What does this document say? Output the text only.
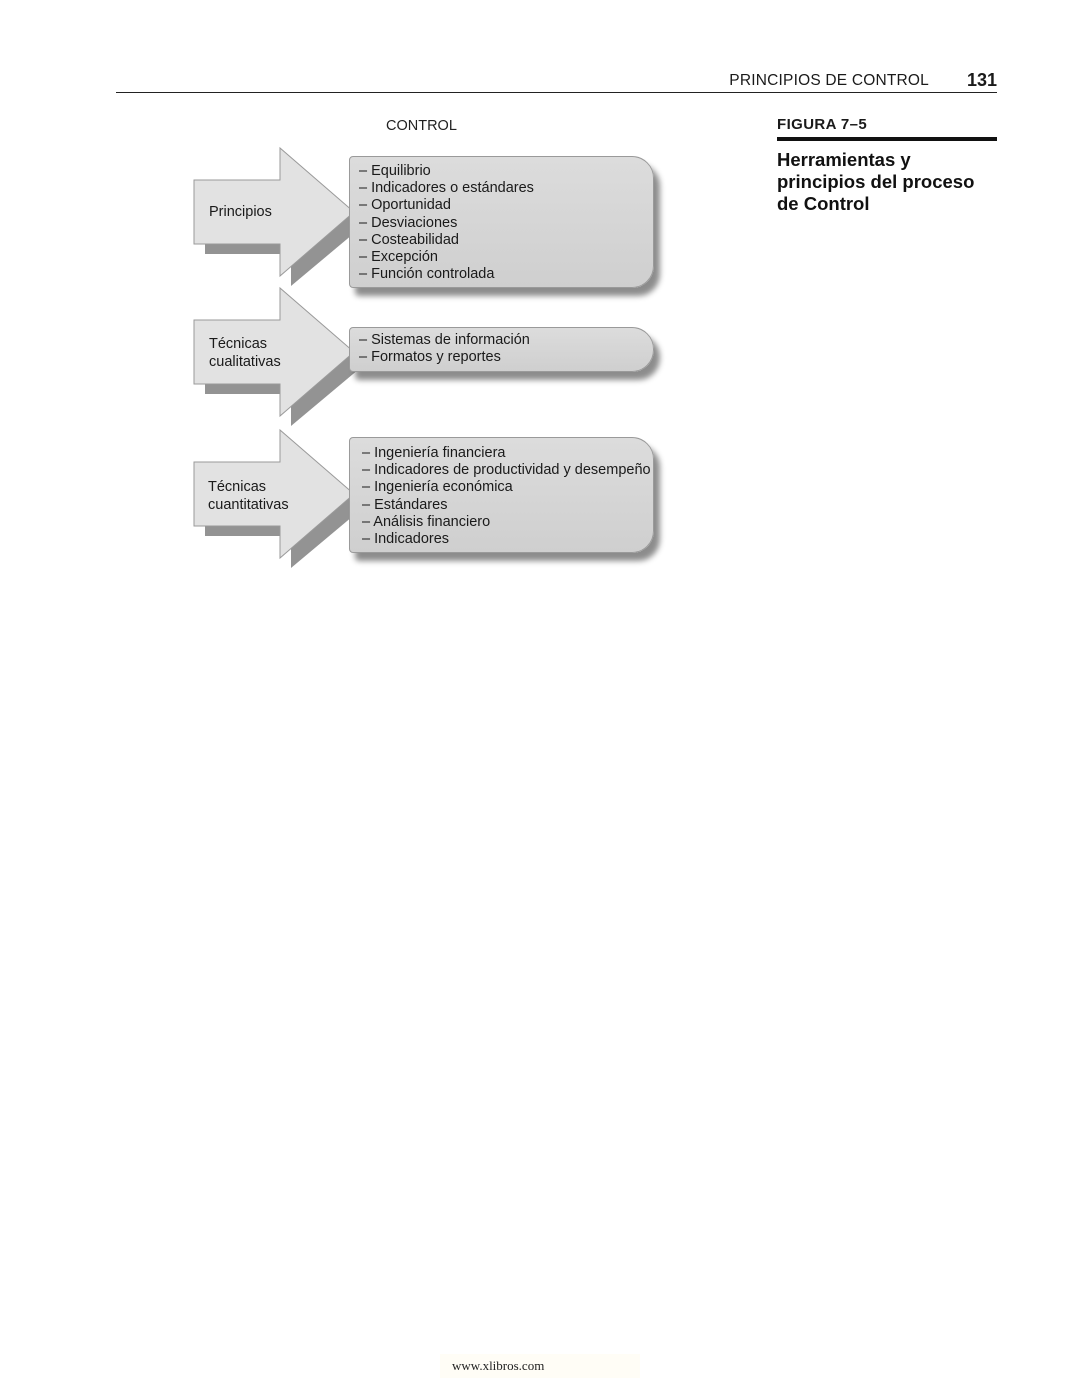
PRINCIPIOS DE CONTROL 131
FIGURA 7–5
Herramientas y principios del proceso de Control
CONTROL
Principios
– Equilibrio
– Indicadores o estándares
– Oportunidad
– Desviaciones
– Costeabilidad
– Excepción
– Función controlada
Técnicas
cualitativas
– Sistemas de información
– Formatos y reportes
Técnicas
cuantitativas
– Ingeniería financiera
– Indicadores de productividad y desempeño
– Ingeniería económica
– Estándares
– Análisis financiero
– Indicadores
www.xlibros.com
